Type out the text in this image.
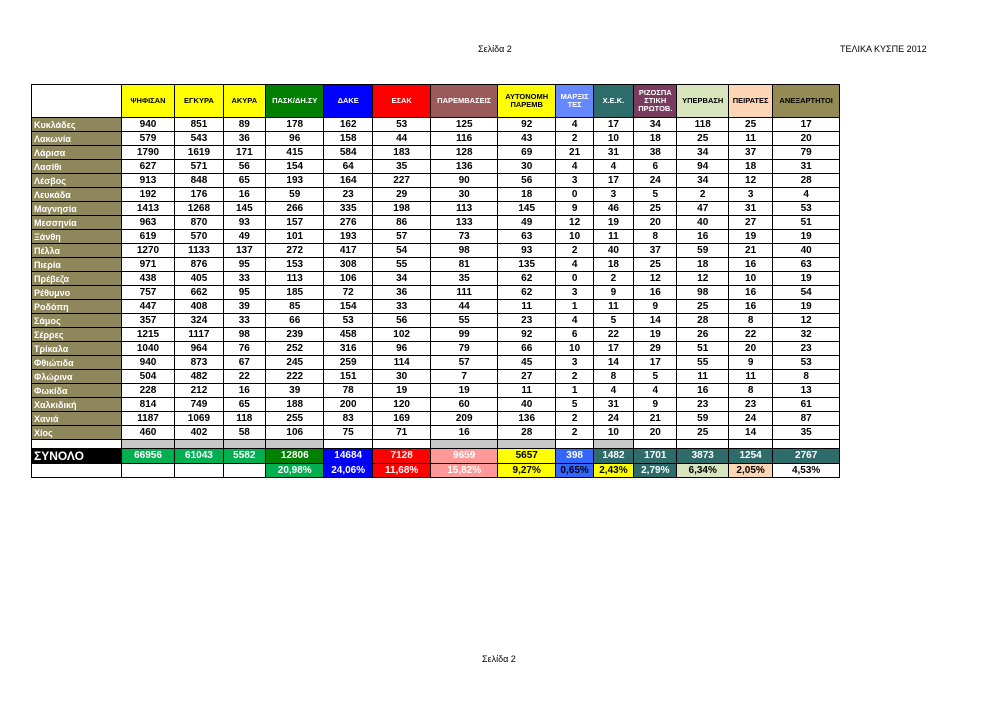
Σελίδα 2	ΤΕΛΙΚΑ ΚΥΣΠΕ 2012
	ΨΗΦΙΣΑΝ	ΕΓΚΥΡΑ	ΑΚΥΡΑ	ΠΑΣΚ/ΔΗ.ΣΥ	ΔΑΚΕ	ΕΣΑΚ	ΠΑΡΕΜΒΑΣΕΙΣ	ΑΥΤΟΝΟΜΗ ΠΑΡΕΜΒ	ΜΑΡΞΙΣ ΤΕΣ	Χ.Ε.Κ.	ΡΙΖΟΣΠΑ ΣΤΙΚΗ ΠΡΩΤΟΒ.	ΥΠΕΡΒΑΣΗ	ΠΕΙΡΑΤΕΣ	ΑΝΕΞΑΡΤΗΤΟΙ
Κυκλάδες	940	851	89	178	162	53	125	92	4	17	34	118	25	17
Λακωνία	579	543	36	96	158	44	116	43	2	10	18	25	11	20
Λάρισα	1790	1619	171	415	584	183	128	69	21	31	38	34	37	79
Λασίθι	627	571	56	154	64	35	136	30	4	4	6	94	18	31
Λέσβος	913	848	65	193	164	227	90	56	3	17	24	34	12	28
Λευκάδα	192	176	16	59	23	29	30	18	0	3	5	2	3	4
Μαγνησία	1413	1268	145	266	335	198	113	145	9	46	25	47	31	53
Μεσσηνία	963	870	93	157	276	86	133	49	12	19	20	40	27	51
Ξάνθη	619	570	49	101	193	57	73	63	10	11	8	16	19	19
Πέλλα	1270	1133	137	272	417	54	98	93	2	40	37	59	21	40
Πιερία	971	876	95	153	308	55	81	135	4	18	25	18	16	63
Πρέβεζα	438	405	33	113	106	34	35	62	0	2	12	12	10	19
Ρέθυμνο	757	662	95	185	72	36	111	62	3	9	16	98	16	54
Ροδόπη	447	408	39	85	154	33	44	11	1	11	9	25	16	19
Σάμος	357	324	33	66	53	56	55	23	4	5	14	28	8	12
Σέρρες	1215	1117	98	239	458	102	99	92	6	22	19	26	22	32
Τρίκαλα	1040	964	76	252	316	96	79	66	10	17	29	51	20	23
Φθιώτιδα	940	873	67	245	259	114	57	45	3	14	17	55	9	53
Φλώρινα	504	482	22	222	151	30	7	27	2	8	5	11	11	8
Φωκίδα	228	212	16	39	78	19	19	11	1	4	4	16	8	13
Χαλκιδική	814	749	65	188	200	120	60	40	5	31	9	23	23	61
Χανιά	1187	1069	118	255	83	169	209	136	2	24	21	59	24	87
Χίος	460	402	58	106	75	71	16	28	2	10	20	25	14	35

ΣΥΝΟΛΟ	66956	61043	5582	12806	14684	7128	9659	5657	398	1482	1701	3873	1254	2767
				20,98%	24,06%	11,68%	15,82%	9,27%	0,65%	2,43%	2,79%	6,34%	2,05%	4,53%
Σελίδα 2
